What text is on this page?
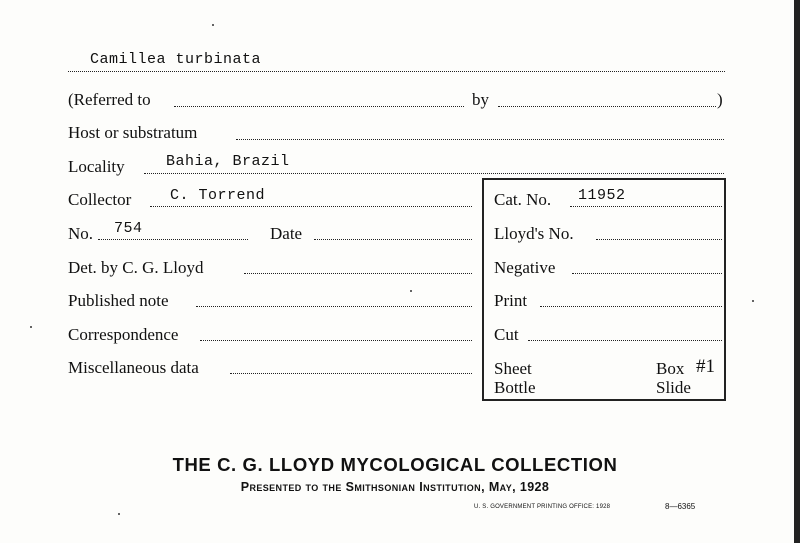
Camillea turbinata
(Referred to	by	)
Host or substratum
Locality	Bahia, Brazil
Collector	C. Torrend
No. 754	Date
Det. by C. G. Lloyd
Published note
Correspondence
Miscellaneous data
Cat. No. 11952
Lloyd's No.
Negative
Print
Cut
Sheet
Bottle
Box #1
Slide
THE C. G. LLOYD MYCOLOGICAL COLLECTION
Presented to the Smithsonian Institution, May, 1928
U. S. GOVERNMENT PRINTING OFFICE: 1928	8—6365
